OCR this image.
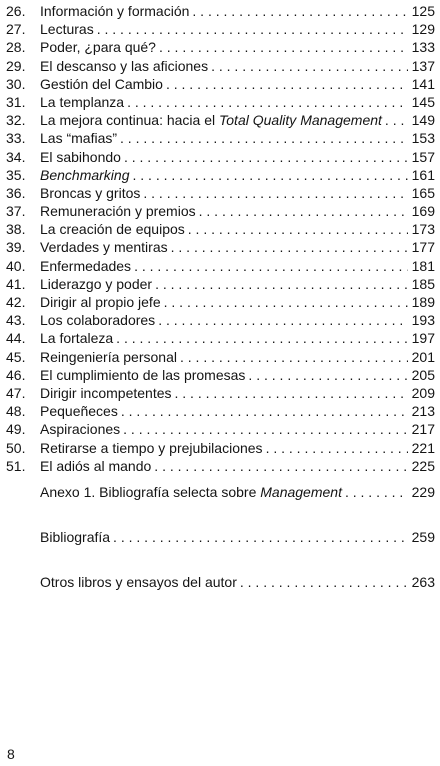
26.	Información y formación . . .	125
27.	Lecturas . . .	129
28.	Poder, ¿para qué? . . .	133
29.	El descanso y las aficiones . . .	137
30.	Gestión del Cambio . . .	141
31.	La templanza . . .	145
32.	La mejora continua: hacia el Total Quality Management . . . 149
33.	Las “mafias” . . .	153
34.	El sabihondo . . .	157
35.	Benchmarking . . .	161
36.	Broncas y gritos . . .	165
37.	Remuneración y premios . . .	169
38.	La creación de equipos . . .	173
39.	Verdades y mentiras . . .	177
40.	Enfermedades . . .	181
41.	Liderazgo y poder . . .	185
42.	Dirigir al propio jefe . . .	189
43.	Los colaboradores . . .	193
44.	La fortaleza . . .	197
45.	Reingeniería personal . . .	201
46.	El cumplimiento de las promesas . . .	205
47.	Dirigir incompetentes . . .	209
48.	Pequeñeces . . .	213
49.	Aspiraciones . . .	217
50.	Retirarse a tiempo y prejubilaciones . . .	221
51.	El adiós al mando . . .	225
Anexo 1. Bibliografía selecta sobre Management . . .	229
Bibliografía . . .	259
Otros libros y ensayos del autor . . .	263
8
